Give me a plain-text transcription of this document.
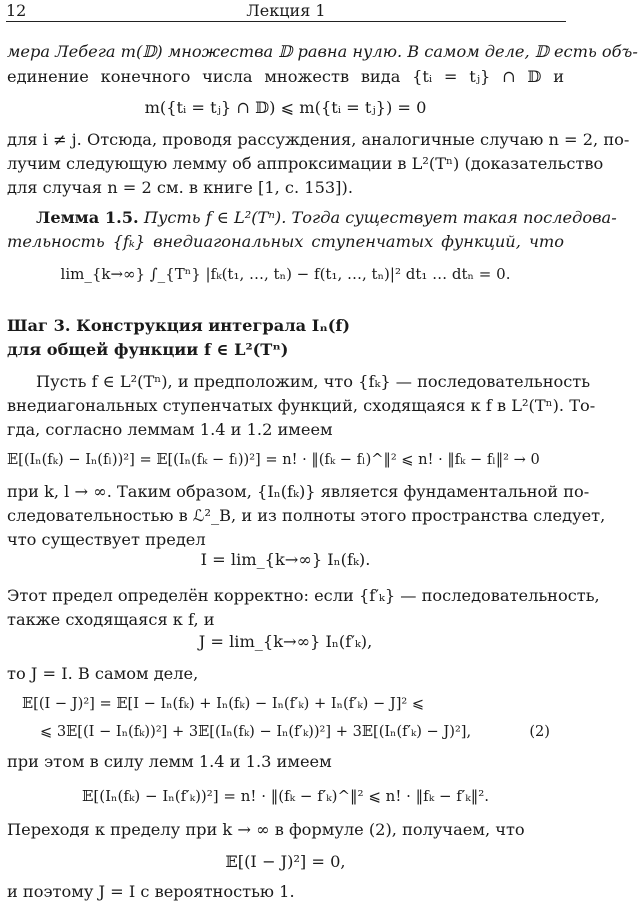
12	Лекция 1
мера Лебега m(𝔻) множества 𝔻 равна нулю. В самом деле, 𝔻 есть объ-
единение конечного числа множеств вида {tᵢ = tⱼ} ∩ 𝔻 и
m({tᵢ = tⱼ} ∩ 𝔻) ⩽ m({tᵢ = tⱼ}) = 0
для i ≠ j. Отсюда, проводя рассуждения, аналогичные случаю n = 2, по-
лучим следующую лемму об аппроксимации в L²(Tⁿ) (доказательство
для случая n = 2 см. в книге [1, с. 153]).
Лемма 1.5. Пусть f ∈ L²(Tⁿ). Тогда существует такая последова-
тельность {fₖ} внедиагональных ступенчатых функций, что
lim_{k→∞} ∫_{Tⁿ} |fₖ(t₁, …, tₙ) − f(t₁, …, tₙ)|² dt₁ … dtₙ = 0.
Шаг 3. Конструкция интеграла Iₙ(f)
для общей функции f ∈ L²(Tⁿ)
Пусть f ∈ L²(Tⁿ), и предположим, что {fₖ} — последовательность
внедиагональных ступенчатых функций, сходящаяся к f в L²(Tⁿ). То-
гда, согласно леммам 1.4 и 1.2 имеем
𝔼[(Iₙ(fₖ) − Iₙ(fₗ))²] = 𝔼[(Iₙ(fₖ − fₗ))²] = n! · ‖(fₖ − fₗ)^‖² ⩽ n! · ‖fₖ − fₗ‖² → 0
при k, l → ∞. Таким образом, {Iₙ(fₖ)} является фундаментальной по-
следовательностью в ℒ²_B, и из полноты этого пространства следует,
что существует предел
I = lim_{k→∞} Iₙ(fₖ).
Этот предел определён корректно: если {f′ₖ} — последовательность,
также сходящаяся к f, и
J = lim_{k→∞} Iₙ(f′ₖ),
то J = I. В самом деле,
𝔼[(I − J)²] = 𝔼[I − Iₙ(fₖ) + Iₙ(fₖ) − Iₙ(f′ₖ) + Iₙ(f′ₖ) − J]² ⩽
⩽ 3𝔼[(I − Iₙ(fₖ))²] + 3𝔼[(Iₙ(fₖ) − Iₙ(f′ₖ))²] + 3𝔼[(Iₙ(f′ₖ) − J)²],	(2)
при этом в силу лемм 1.4 и 1.3 имеем
𝔼[(Iₙ(fₖ) − Iₙ(f′ₖ))²] = n! · ‖(fₖ − f′ₖ)^‖² ⩽ n! · ‖fₖ − f′ₖ‖².
Переходя к пределу при k → ∞ в формуле (2), получаем, что
𝔼[(I − J)²] = 0,
и поэтому J = I с вероятностью 1.
